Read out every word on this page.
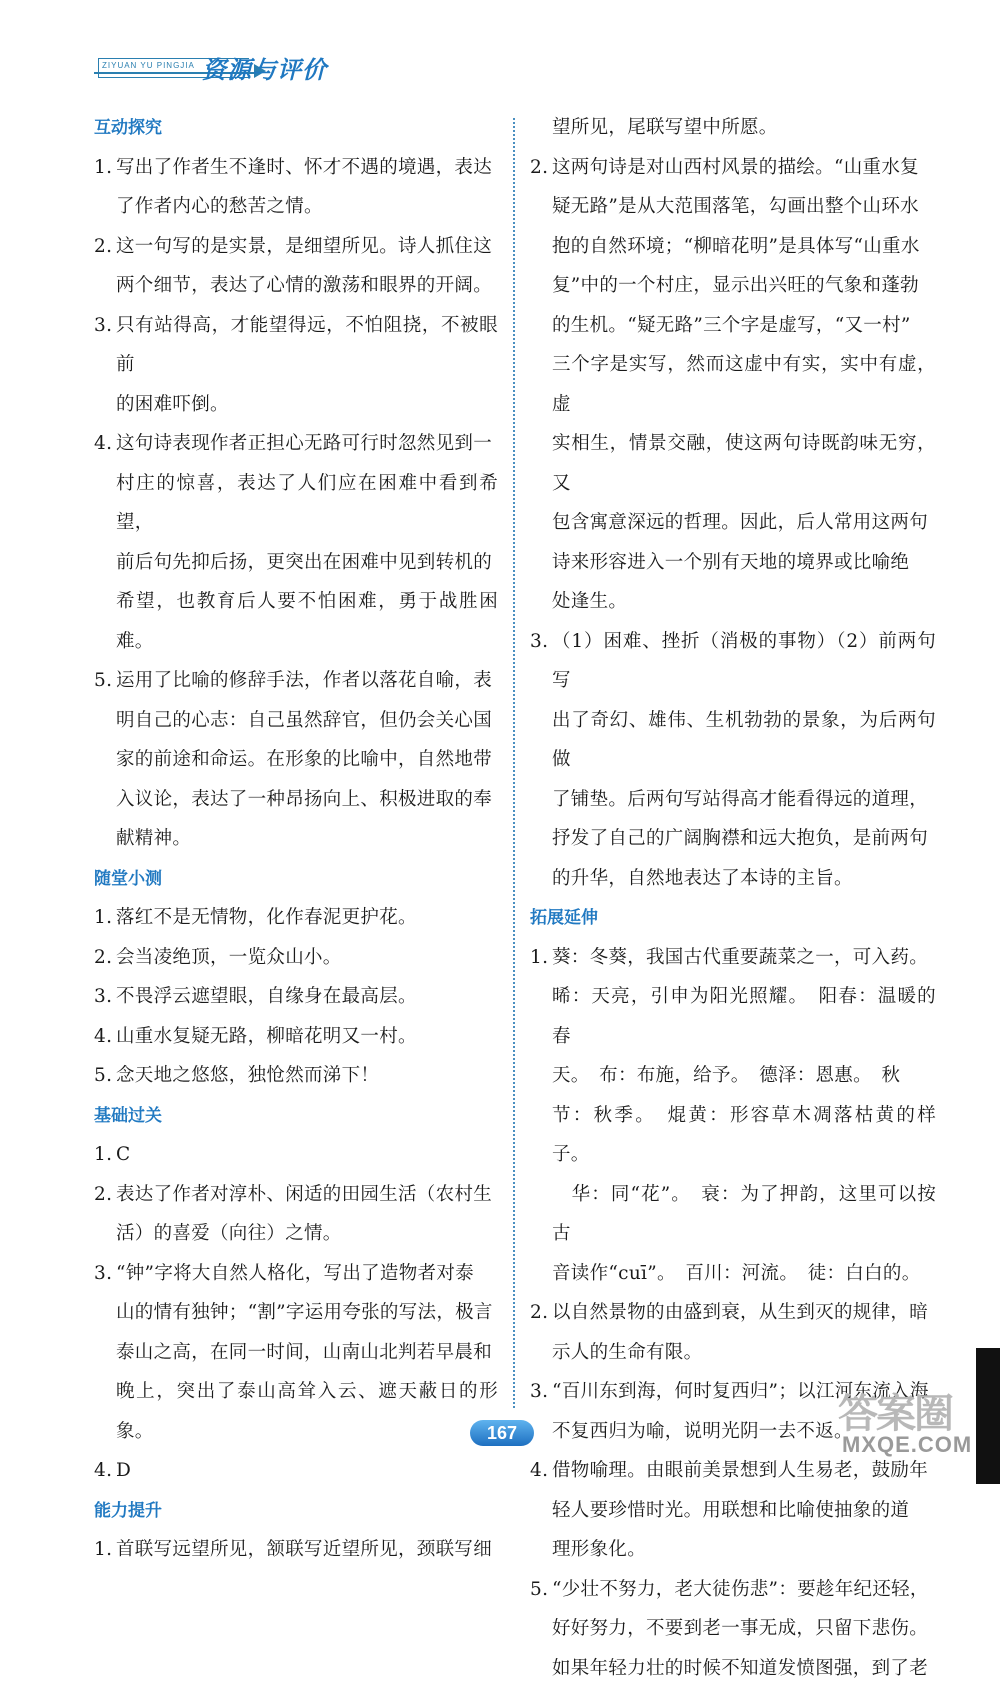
ZIYUAN YU PINGJIA 资源与评价
互动探究
1. 写出了作者生不逢时、怀才不遇的境遇，表达
了作者内心的愁苦之情。
2. 这一句写的是实景，是细望所见。诗人抓住这
两个细节，表达了心情的激荡和眼界的开阔。
3. 只有站得高，才能望得远，不怕阻挠，不被眼前
的困难吓倒。
4. 这句诗表现作者正担心无路可行时忽然见到一
村庄的惊喜，表达了人们应在困难中看到希望，
前后句先抑后扬，更突出在困难中见到转机的
希望，也教育后人要不怕困难，勇于战胜困难。
5. 运用了比喻的修辞手法，作者以落花自喻，表
明自己的心志：自己虽然辞官，但仍会关心国
家的前途和命运。在形象的比喻中，自然地带
入议论，表达了一种昂扬向上、积极进取的奉
献精神。
随堂小测
1. 落红不是无情物，化作春泥更护花。
2. 会当凌绝顶，一览众山小。
3. 不畏浮云遮望眼，自缘身在最高层。
4. 山重水复疑无路，柳暗花明又一村。
5. 念天地之悠悠，独怆然而涕下！
基础过关
1. C
2. 表达了作者对淳朴、闲适的田园生活（农村生
活）的喜爱（向往）之情。
3. “钟”字将大自然人格化，写出了造物者对泰
山的情有独钟；“割”字运用夸张的写法，极言
泰山之高，在同一时间，山南山北判若早晨和
晚上，突出了泰山高耸入云、遮天蔽日的形象。
4. D
能力提升
1. 首联写远望所见，颔联写近望所见，颈联写细
望所见，尾联写望中所愿。
2. 这两句诗是对山西村风景的描绘。“山重水复
疑无路”是从大范围落笔，勾画出整个山环水
抱的自然环境；“柳暗花明”是具体写“山重水
复”中的一个村庄，显示出兴旺的气象和蓬勃
的生机。“疑无路”三个字是虚写，“又一村”
三个字是实写，然而这虚中有实，实中有虚，虚
实相生，情景交融，使这两句诗既韵味无穷，又
包含寓意深远的哲理。因此，后人常用这两句
诗来形容进入一个别有天地的境界或比喻绝
处逢生。
3. （1）困难、挫折（消极的事物）（2）前两句写
出了奇幻、雄伟、生机勃勃的景象，为后两句做
了铺垫。后两句写站得高才能看得远的道理，
抒发了自己的广阔胸襟和远大抱负，是前两句
的升华，自然地表达了本诗的主旨。
拓展延伸
1. 葵：冬葵，我国古代重要蔬菜之一，可入药。
晞：天亮，引申为阳光照耀。　阳春：温暖的春
天。　布：布施，给予。　德泽：恩惠。　秋
节：秋季。　焜黄：形容草木凋落枯黄的样子。
　华：同“花”。　衰：为了押韵，这里可以按古
音读作“cuī”。　百川：河流。　徒：白白的。
2. 以自然景物的由盛到衰，从生到灭的规律，暗
示人的生命有限。
3. “百川东到海，何时复西归”；以江河东流入海
不复西归为喻，说明光阴一去不返。
4. 借物喻理。由眼前美景想到人生易老，鼓励年
轻人要珍惜时光。用联想和比喻使抽象的道
理形象化。
5. “少壮不努力，老大徒伤悲”：要趁年纪还轻，
好好努力，不要到老一事无成，只留下悲伤。
如果年轻力壮的时候不知道发愤图强，到了老
167	答案圈
MXQE.COM
